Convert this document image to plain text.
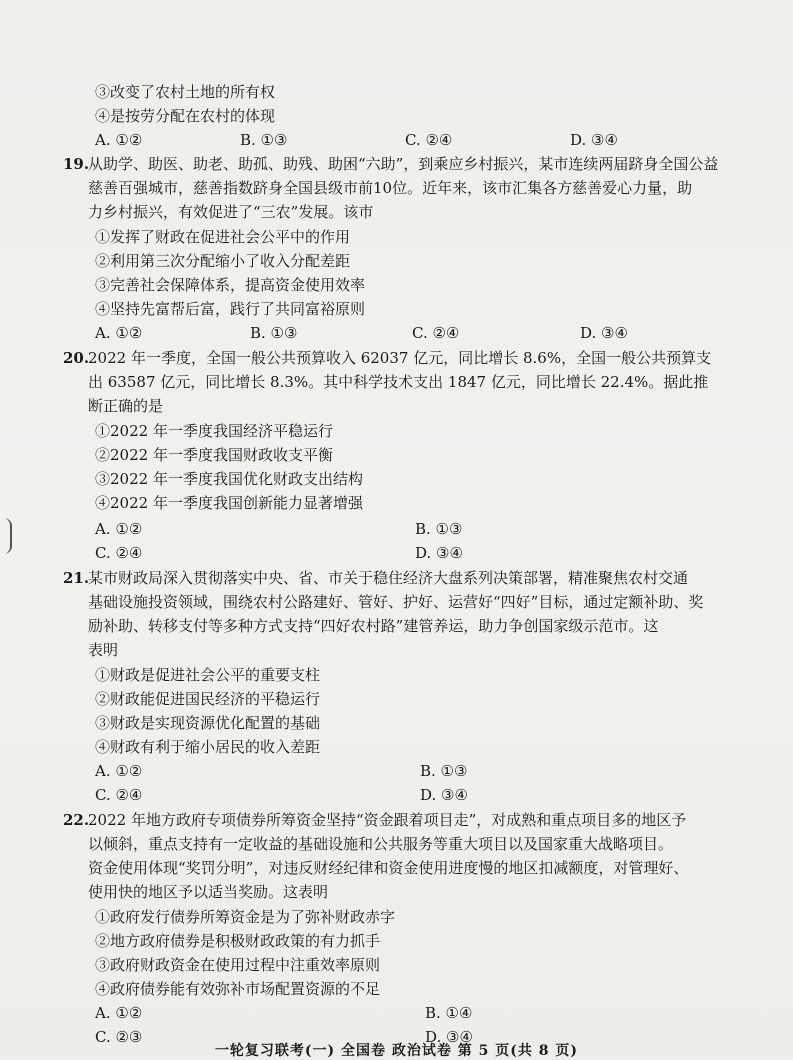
③改变了农村土地的所有权
④是按劳分配在农村的体现
A. ①②	B. ①③	C. ②④	D. ③④
19.
从助学、助医、助老、助孤、助残、助困“六助”，到乘应乡村振兴，某市连续两届跻身全国公益
慈善百强城市，慈善指数跻身全国县级市前10位。近年来，该市汇集各方慈善爱心力量，助
力乡村振兴，有效促进了“三农”发展。该市
①发挥了财政在促进社会公平中的作用
②利用第三次分配缩小了收入分配差距
③完善社会保障体系，提高资金使用效率
④坚持先富帮后富，践行了共同富裕原则
A. ①②	B. ①③	C. ②④	D. ③④
20.
2022 年一季度，全国一般公共预算收入 62037 亿元，同比增长 8.6%，全国一般公共预算支
出 63587 亿元，同比增长 8.3%。其中科学技术支出 1847 亿元，同比增长 22.4%。据此推
断正确的是
①2022 年一季度我国经济平稳运行
②2022 年一季度我国财政收支平衡
③2022 年一季度我国优化财政支出结构
④2022 年一季度我国创新能力显著增强
A. ①②	B. ①③
C. ②④	D. ③④
21.
某市财政局深入贯彻落实中央、省、市关于稳住经济大盘系列决策部署，精准聚焦农村交通
基础设施投资领域，围绕农村公路建好、管好、护好、运营好“四好”目标，通过定额补助、奖
励补助、转移支付等多种方式支持“四好农村路”建管养运，助力争创国家级示范市。这
表明
①财政是促进社会公平的重要支柱
②财政能促进国民经济的平稳运行
③财政是实现资源优化配置的基础
④财政有利于缩小居民的收入差距
A. ①②	B. ①③
C. ②④	D. ③④
22.
2022 年地方政府专项债券所筹资金坚持“资金跟着项目走”，对成熟和重点项目多的地区予
以倾斜，重点支持有一定收益的基础设施和公共服务等重大项目以及国家重大战略项目。
资金使用体现“奖罚分明”，对违反财经纪律和资金使用进度慢的地区扣减额度，对管理好、
使用快的地区予以适当奖励。这表明
①政府发行债券所筹资金是为了弥补财政赤字
②地方政府债券是积极财政政策的有力抓手
③政府财政资金在使用过程中注重效率原则
④政府债券能有效弥补市场配置资源的不足
A. ①②	B. ①④
C. ②③	D. ③④
一轮复习联考(一) 全国卷 政治试卷 第 5 页(共 8 页)
